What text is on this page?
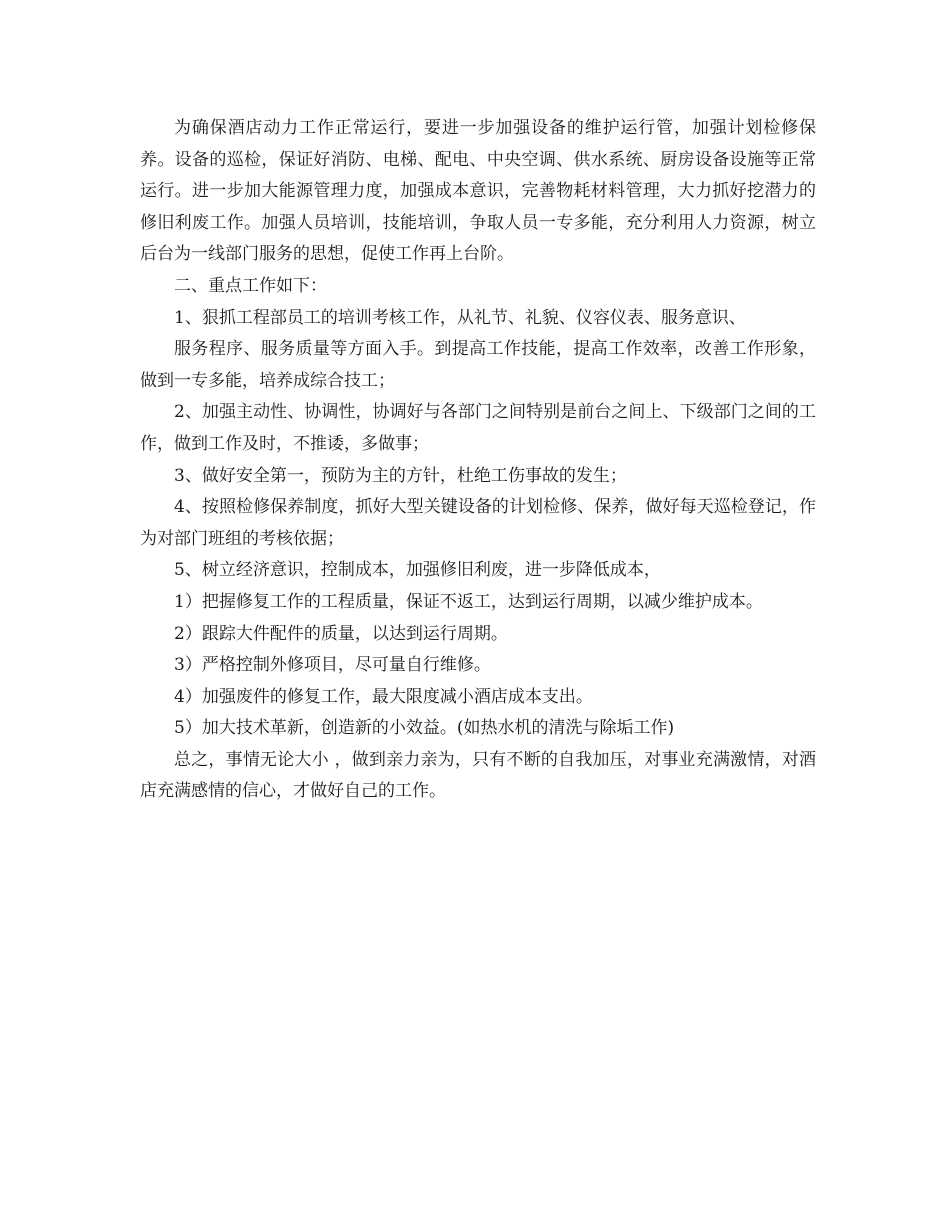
为确保酒店动力工作正常运行，要进一步加强设备的维护运行管，加强计划检修保养。设备的巡检，保证好消防、电梯、配电、中央空调、供水系统、厨房设备设施等正常运行。进一步加大能源管理力度，加强成本意识，完善物耗材料管理，大力抓好挖潜力的修旧利废工作。加强人员培训，技能培训，争取人员一专多能，充分利用人力资源，树立后台为一线部门服务的思想，促使工作再上台阶。

二、重点工作如下：

1、狠抓工程部员工的培训考核工作，从礼节、礼貌、仪容仪表、服务意识、

服务程序、服务质量等方面入手。到提高工作技能，提高工作效率，改善工作形象，做到一专多能，培养成综合技工；

2、加强主动性、协调性，协调好与各部门之间特别是前台之间上、下级部门之间的工作，做到工作及时，不推诿，多做事；

3、做好安全第一，预防为主的方针，杜绝工伤事故的发生；

4、按照检修保养制度，抓好大型关键设备的计划检修、保养，做好每天巡检登记，作为对部门班组的考核依据；

5、树立经济意识，控制成本，加强修旧利废，进一步降低成本，

1）把握修复工作的工程质量，保证不返工，达到运行周期，以减少维护成本。

2）跟踪大件配件的质量，以达到运行周期。

3）严格控制外修项目，尽可量自行维修。

4）加强废件的修复工作，最大限度减小酒店成本支出。

5）加大技术革新，创造新的小效益。(如热水机的清洗与除垢工作)

总之，事情无论大小 ，做到亲力亲为，只有不断的自我加压，对事业充满激情，对酒店充满感情的信心，才做好自己的工作。
